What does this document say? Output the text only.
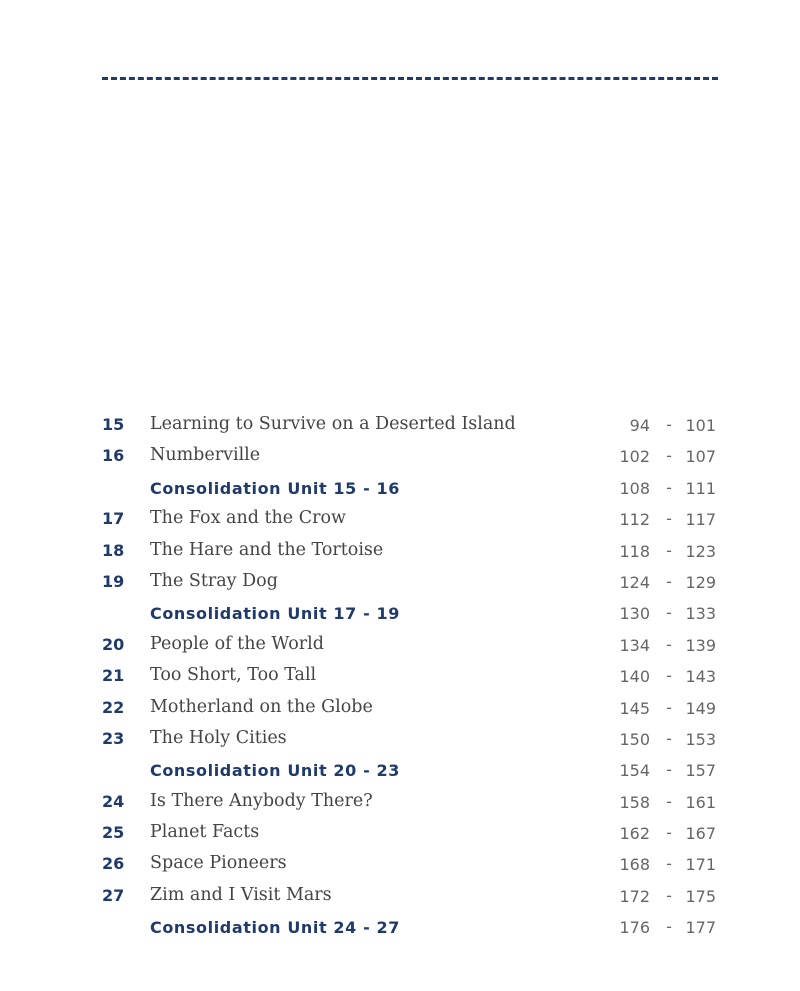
15 Learning to Survive on a Deserted Island	94 - 101
16 Numberville	102 - 107
Consolidation Unit 15 - 16	108 - 111
17 The Fox and the Crow	112 - 117
18 The Hare and the Tortoise	118 - 123
19 The Stray Dog	124 - 129
Consolidation Unit 17 - 19	130 - 133
20 People of the World	134 - 139
21 Too Short, Too Tall	140 - 143
22 Motherland on the Globe	145 - 149
23 The Holy Cities	150 - 153
Consolidation Unit 20 - 23	154 - 157
24 Is There Anybody There?	158 - 161
25 Planet Facts	162 - 167
26 Space Pioneers	168 - 171
27 Zim and I Visit Mars	172 - 175
Consolidation Unit 24 - 27	176 - 177
